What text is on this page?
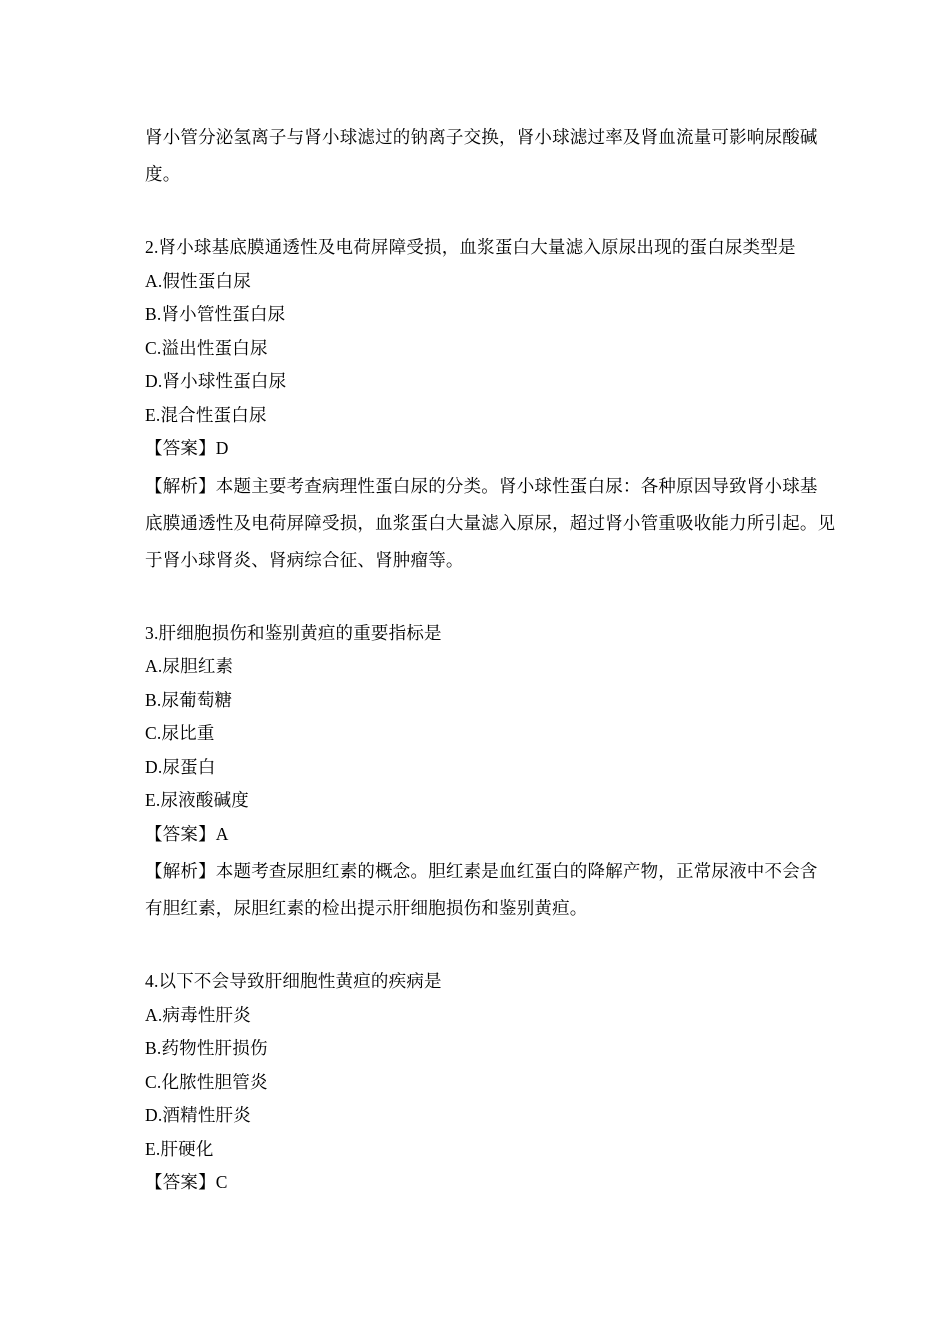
肾小管分泌氢离子与肾小球滤过的钠离子交换，肾小球滤过率及肾血流量可影响尿酸碱
度。
2.肾小球基底膜通透性及电荷屏障受损，血浆蛋白大量滤入原尿出现的蛋白尿类型是
A.假性蛋白尿
B.肾小管性蛋白尿
C.溢出性蛋白尿
D.肾小球性蛋白尿
E.混合性蛋白尿
【答案】D
【解析】本题主要考查病理性蛋白尿的分类。肾小球性蛋白尿：各种原因导致肾小球基
底膜通透性及电荷屏障受损，血浆蛋白大量滤入原尿，超过肾小管重吸收能力所引起。见
于肾小球肾炎、肾病综合征、肾肿瘤等。
3.肝细胞损伤和鉴别黄疸的重要指标是
A.尿胆红素
B.尿葡萄糖
C.尿比重
D.尿蛋白
E.尿液酸碱度
【答案】A
【解析】本题考查尿胆红素的概念。胆红素是血红蛋白的降解产物，正常尿液中不会含
有胆红素，尿胆红素的检出提示肝细胞损伤和鉴别黄疸。
4.以下不会导致肝细胞性黄疸的疾病是
A.病毒性肝炎
B.药物性肝损伤
C.化脓性胆管炎
D.酒精性肝炎
E.肝硬化
【答案】C
